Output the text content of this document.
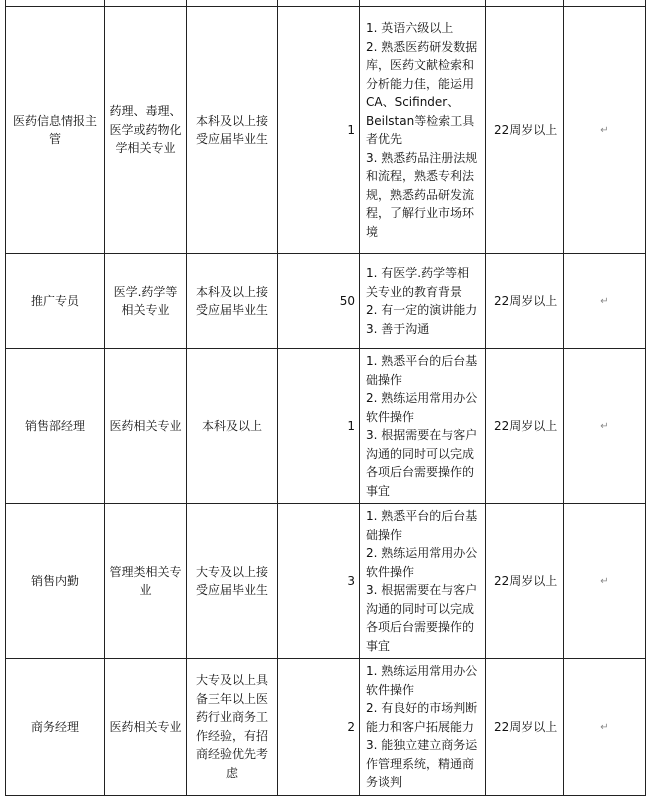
医药信息情报主管	药理、毒理、医学或药物化学相关专业	本科及以上接受应届毕业生	1	1. 英语六级以上
2. 熟悉医药研发数据库，医药文献检索和分析能力佳，能运用CA、Scifinder、Beilstan等检索工具者优先
3. 熟悉药品注册法规和流程，熟悉专利法规，熟悉药品研发流程，了解行业市场环境	22周岁以上	↵
推广专员	医学.药学等相关专业	本科及以上接受应届毕业生	50	1. 有医学.药学等相关专业的教育背景
2. 有一定的演讲能力
3. 善于沟通	22周岁以上	↵
销售部经理	医药相关专业	本科及以上	1	1. 熟悉平台的后台基础操作
2. 熟练运用常用办公软件操作
3. 根据需要在与客户沟通的同时可以完成各项后台需要操作的事宜	22周岁以上	↵
销售内勤	管理类相关专业	大专及以上接受应届毕业生	3	1. 熟悉平台的后台基础操作
2. 熟练运用常用办公软件操作
3. 根据需要在与客户沟通的同时可以完成各项后台需要操作的事宜	22周岁以上	↵
商务经理	医药相关专业	大专及以上具备三年以上医药行业商务工作经验，有招商经验优先考虑	2	1. 熟练运用常用办公软件操作
2. 有良好的市场判断能力和客户拓展能力
3. 能独立建立商务运作管理系统，精通商务谈判	22周岁以上	↵
